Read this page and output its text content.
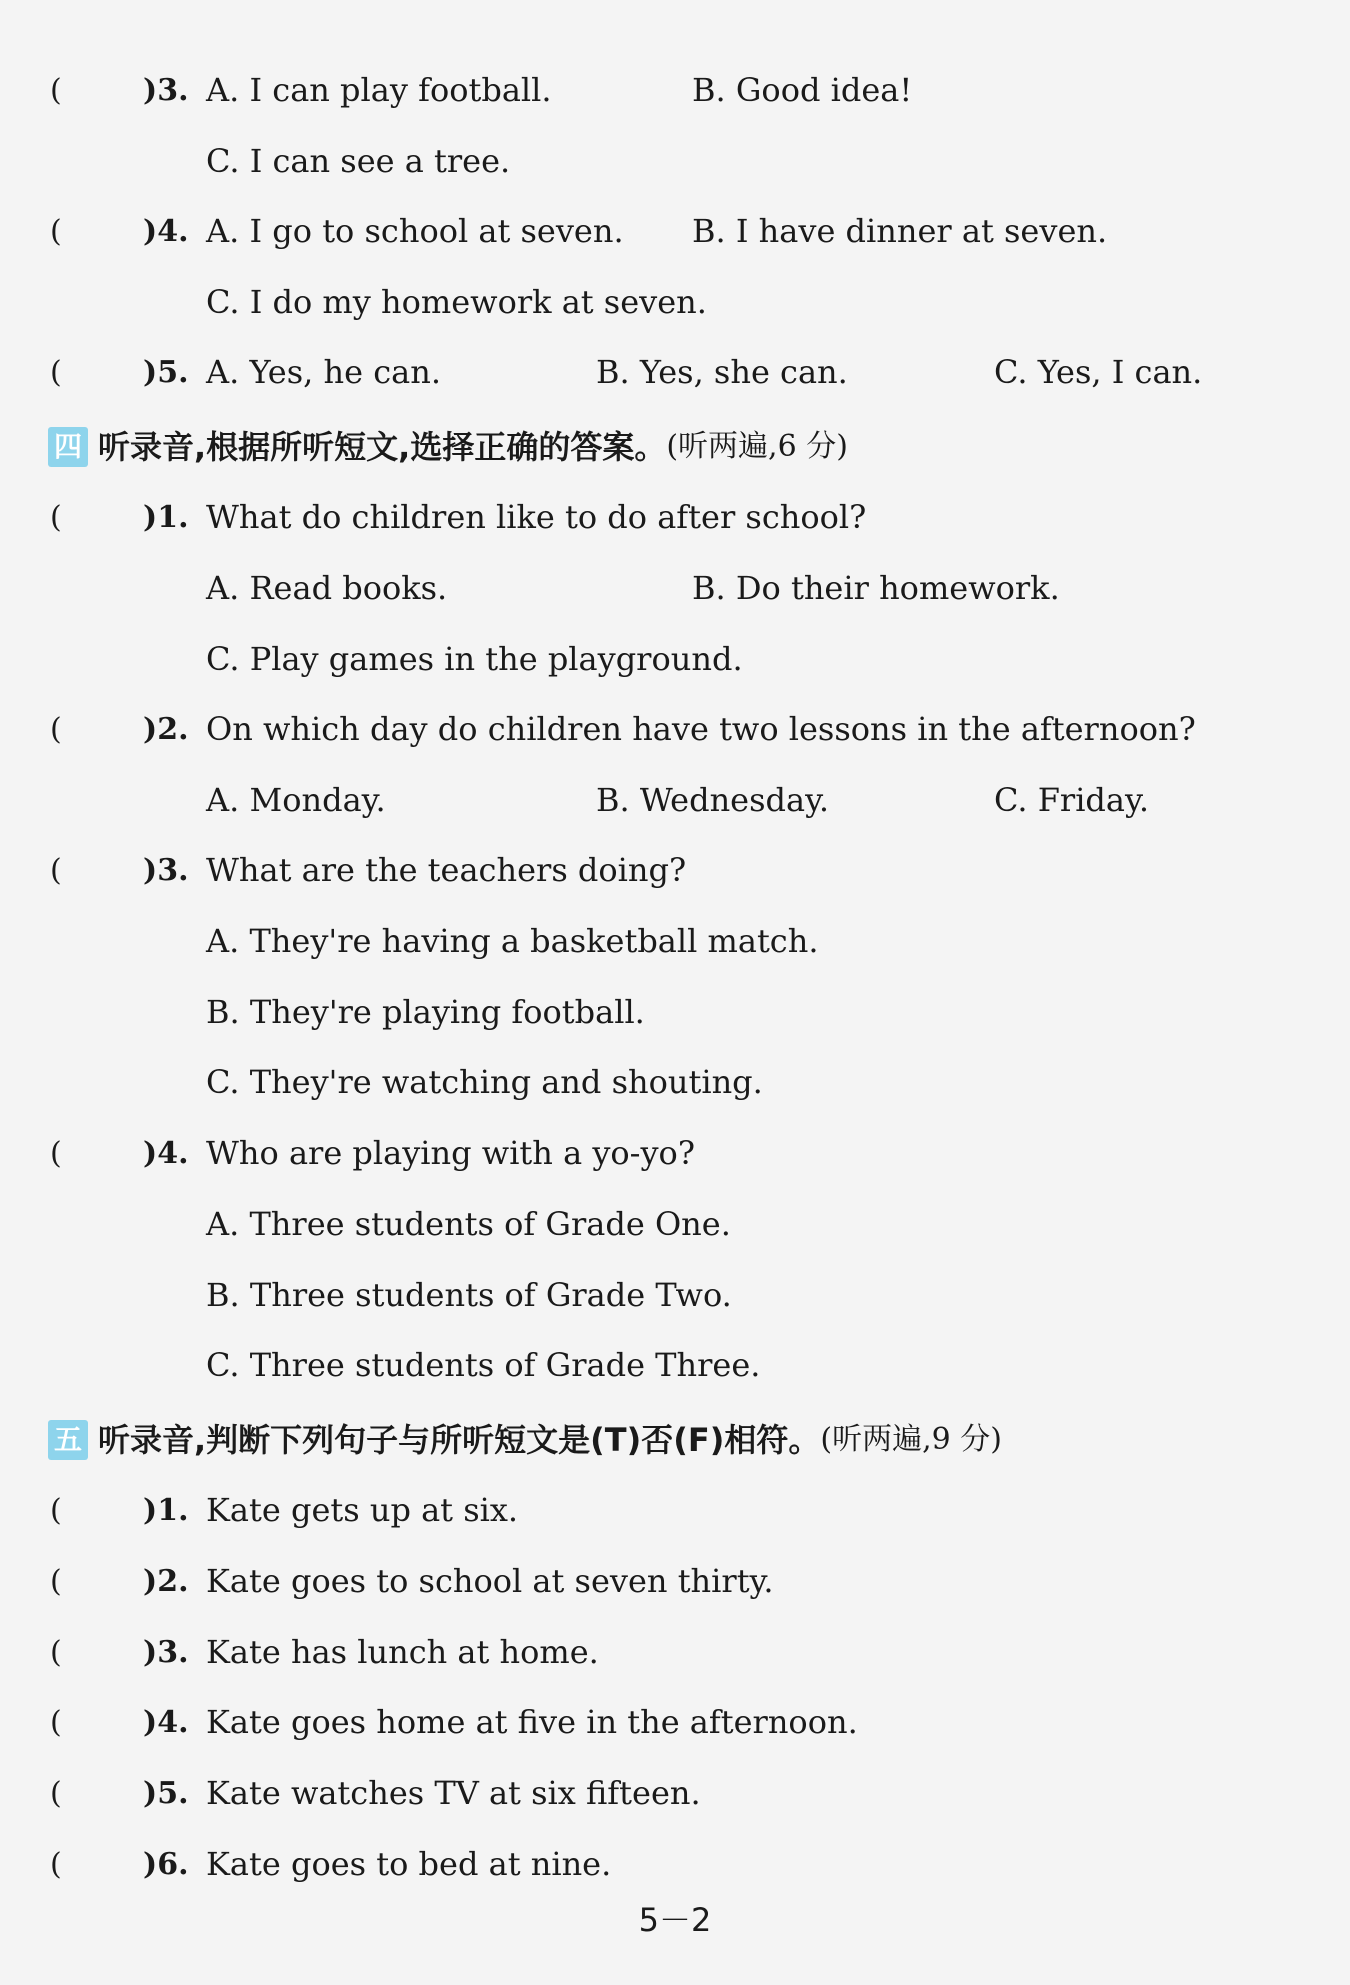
(	)3. A. I can play football.	B. Good idea!
C. I can see a tree.
(	)4. A. I go to school at seven. B. I have dinner at seven.
C. I do my homework at seven.
(	)5. A. Yes, he can.	B. Yes, she can.	C. Yes, I can.
四 听录音,根据所听短文,选择正确的答案。(听两遍,6 分)
(	)1. What do children like to do after school?
A. Read books.	B. Do their homework.
C. Play games in the playground.
(	)2. On which day do children have two lessons in the afternoon?
A. Monday.	B. Wednesday.	C. Friday.
(	)3. What are the teachers doing?
A. They're having a basketball match.
B. They're playing football.
C. They're watching and shouting.
(	)4. Who are playing with a yo-yo?
A. Three students of Grade One.
B. Three students of Grade Two.
C. Three students of Grade Three.
五 听录音,判断下列句子与所听短文是(T)否(F)相符。(听两遍,9 分)
(	)1. Kate gets up at six.
(	)2. Kate goes to school at seven thirty.
(	)3. Kate has lunch at home.
(	)4. Kate goes home at five in the afternoon.
(	)5. Kate watches TV at six fifteen.
(	)6. Kate goes to bed at nine.
5－2
